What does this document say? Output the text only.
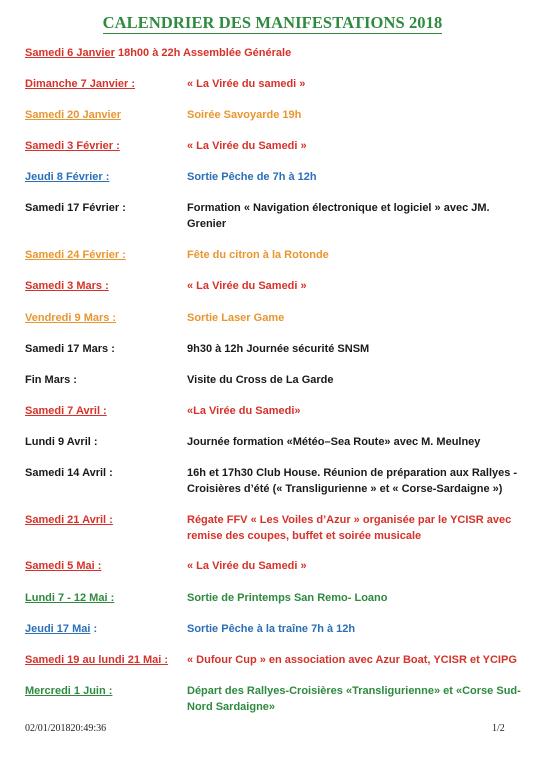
CALENDRIER DES MANIFESTATIONS 2018
Samedi 6 Janvier 18h00 à 22h Assemblée Générale
Dimanche 7 Janvier :	« La Virée du samedi »
Samedi 20 Janvier	Soirée Savoyarde 19h
Samedi 3 Février :	« La Virée du Samedi »
Jeudi 8 Février :	Sortie Pêche de 7h à 12h
Samedi 17 Février :	Formation « Navigation électronique et logiciel » avec JM. Grenier
Samedi 24 Février :	Fête du citron à la Rotonde
Samedi 3 Mars :	« La Virée du Samedi »
Vendredi 9 Mars :	Sortie Laser Game
Samedi 17 Mars :	9h30 à 12h Journée sécurité SNSM
Fin Mars :	Visite du Cross de La Garde
Samedi 7 Avril :	«La Virée du Samedi»
Lundi 9 Avril :	Journée formation «Météo–Sea Route» avec M. Meulney
Samedi 14 Avril :	16h et 17h30 Club House. Réunion de préparation aux Rallyes - Croisières d’été (« Transligurienne » et « Corse-Sardaigne »)
Samedi 21 Avril :	Régate FFV « Les Voiles d’Azur » organisée par le YCISR avec remise des coupes, buffet et soirée musicale
Samedi 5 Mai :	« La Virée du Samedi »
Lundi 7 - 12 Mai :	Sortie de Printemps San Remo- Loano
Jeudi 17 Mai :	Sortie Pêche à la traîne 7h à 12h
Samedi 19 au lundi 21 Mai : « Dufour Cup » en association avec Azur Boat, YCISR et YCIPG
Mercredi 1 Juin :	Départ des Rallyes-Croisières «Transligurienne» et «Corse Sud-Nord Sardaigne»
02/01/201820:49:36	1/2
